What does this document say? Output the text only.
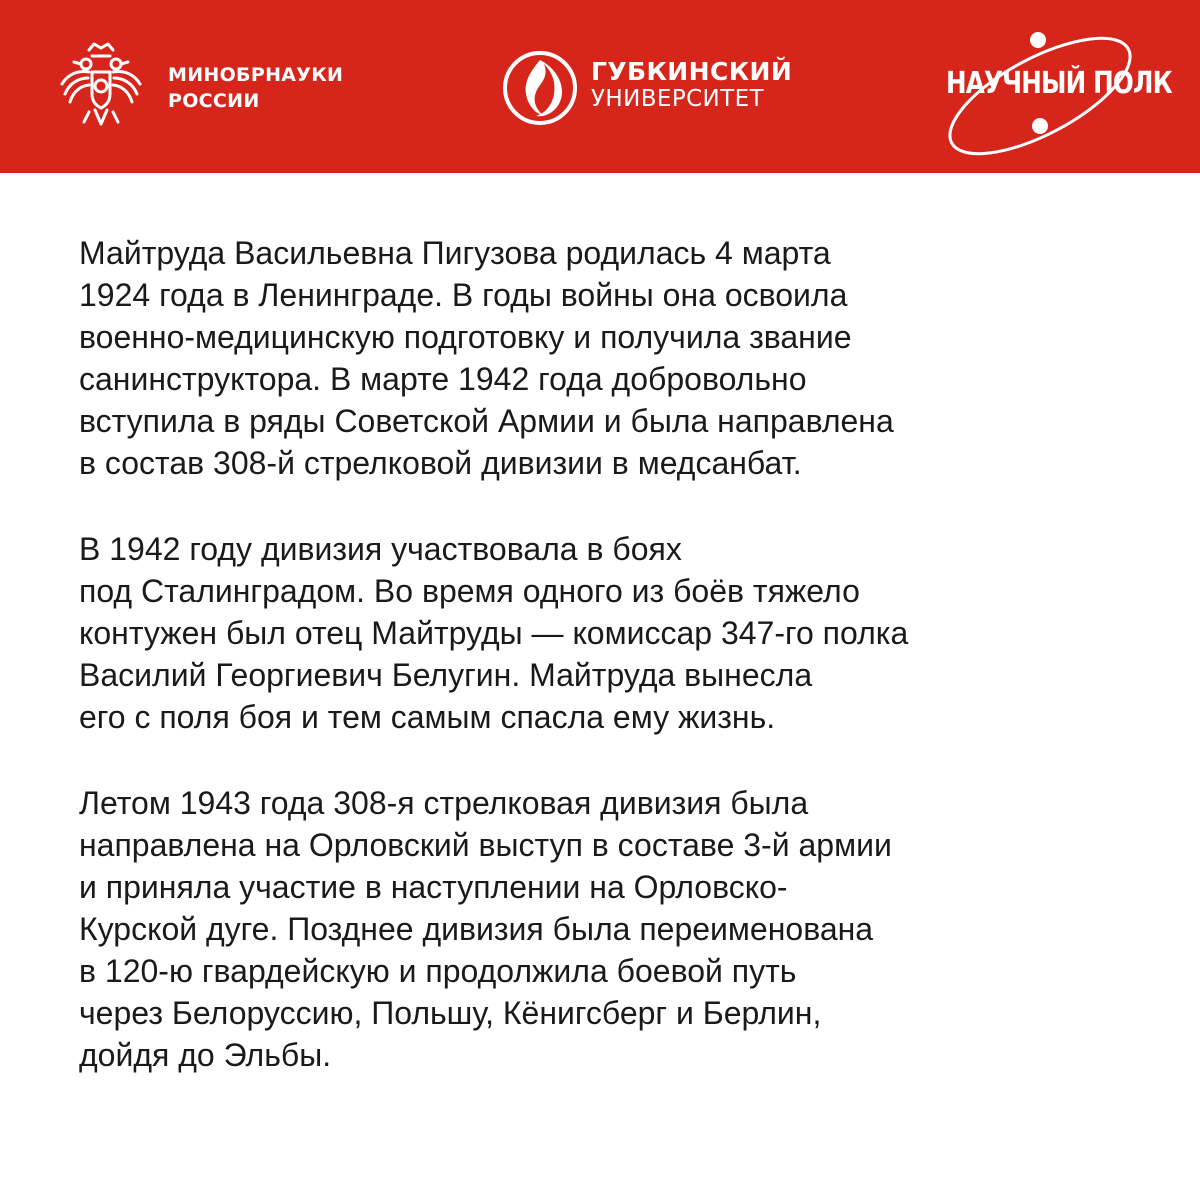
МИНОБРНАУКИ
РОССИИ
ГУБКИНСКИЙ
УНИВЕРСИТЕТ	НАУЧНЫЙ ПОЛК

Майтруда Васильевна Пигузова родилась 4 марта
1924 года в Ленинграде. В годы войны она освоила
военно-медицинскую подготовку и получила звание
санинструктора. В марте 1942 года добровольно
вступила в ряды Советской Армии и была направлена
в состав 308-й стрелковой дивизии в медсанбат.

В 1942 году дивизия участвовала в боях
под Сталинградом. Во время одного из боёв тяжело
контужен был отец Майтруды — комиссар 347-го полка
Василий Георгиевич Белугин. Майтруда вынесла
его с поля боя и тем самым спасла ему жизнь.

Летом 1943 года 308-я стрелковая дивизия была
направлена на Орловский выступ в составе 3-й армии
и приняла участие в наступлении на Орловско-
Курской дуге. Позднее дивизия была переименована
в 120-ю гвардейскую и продолжила боевой путь
через Белоруссию, Польшу, Кёнигсберг и Берлин,
дойдя до Эльбы.
